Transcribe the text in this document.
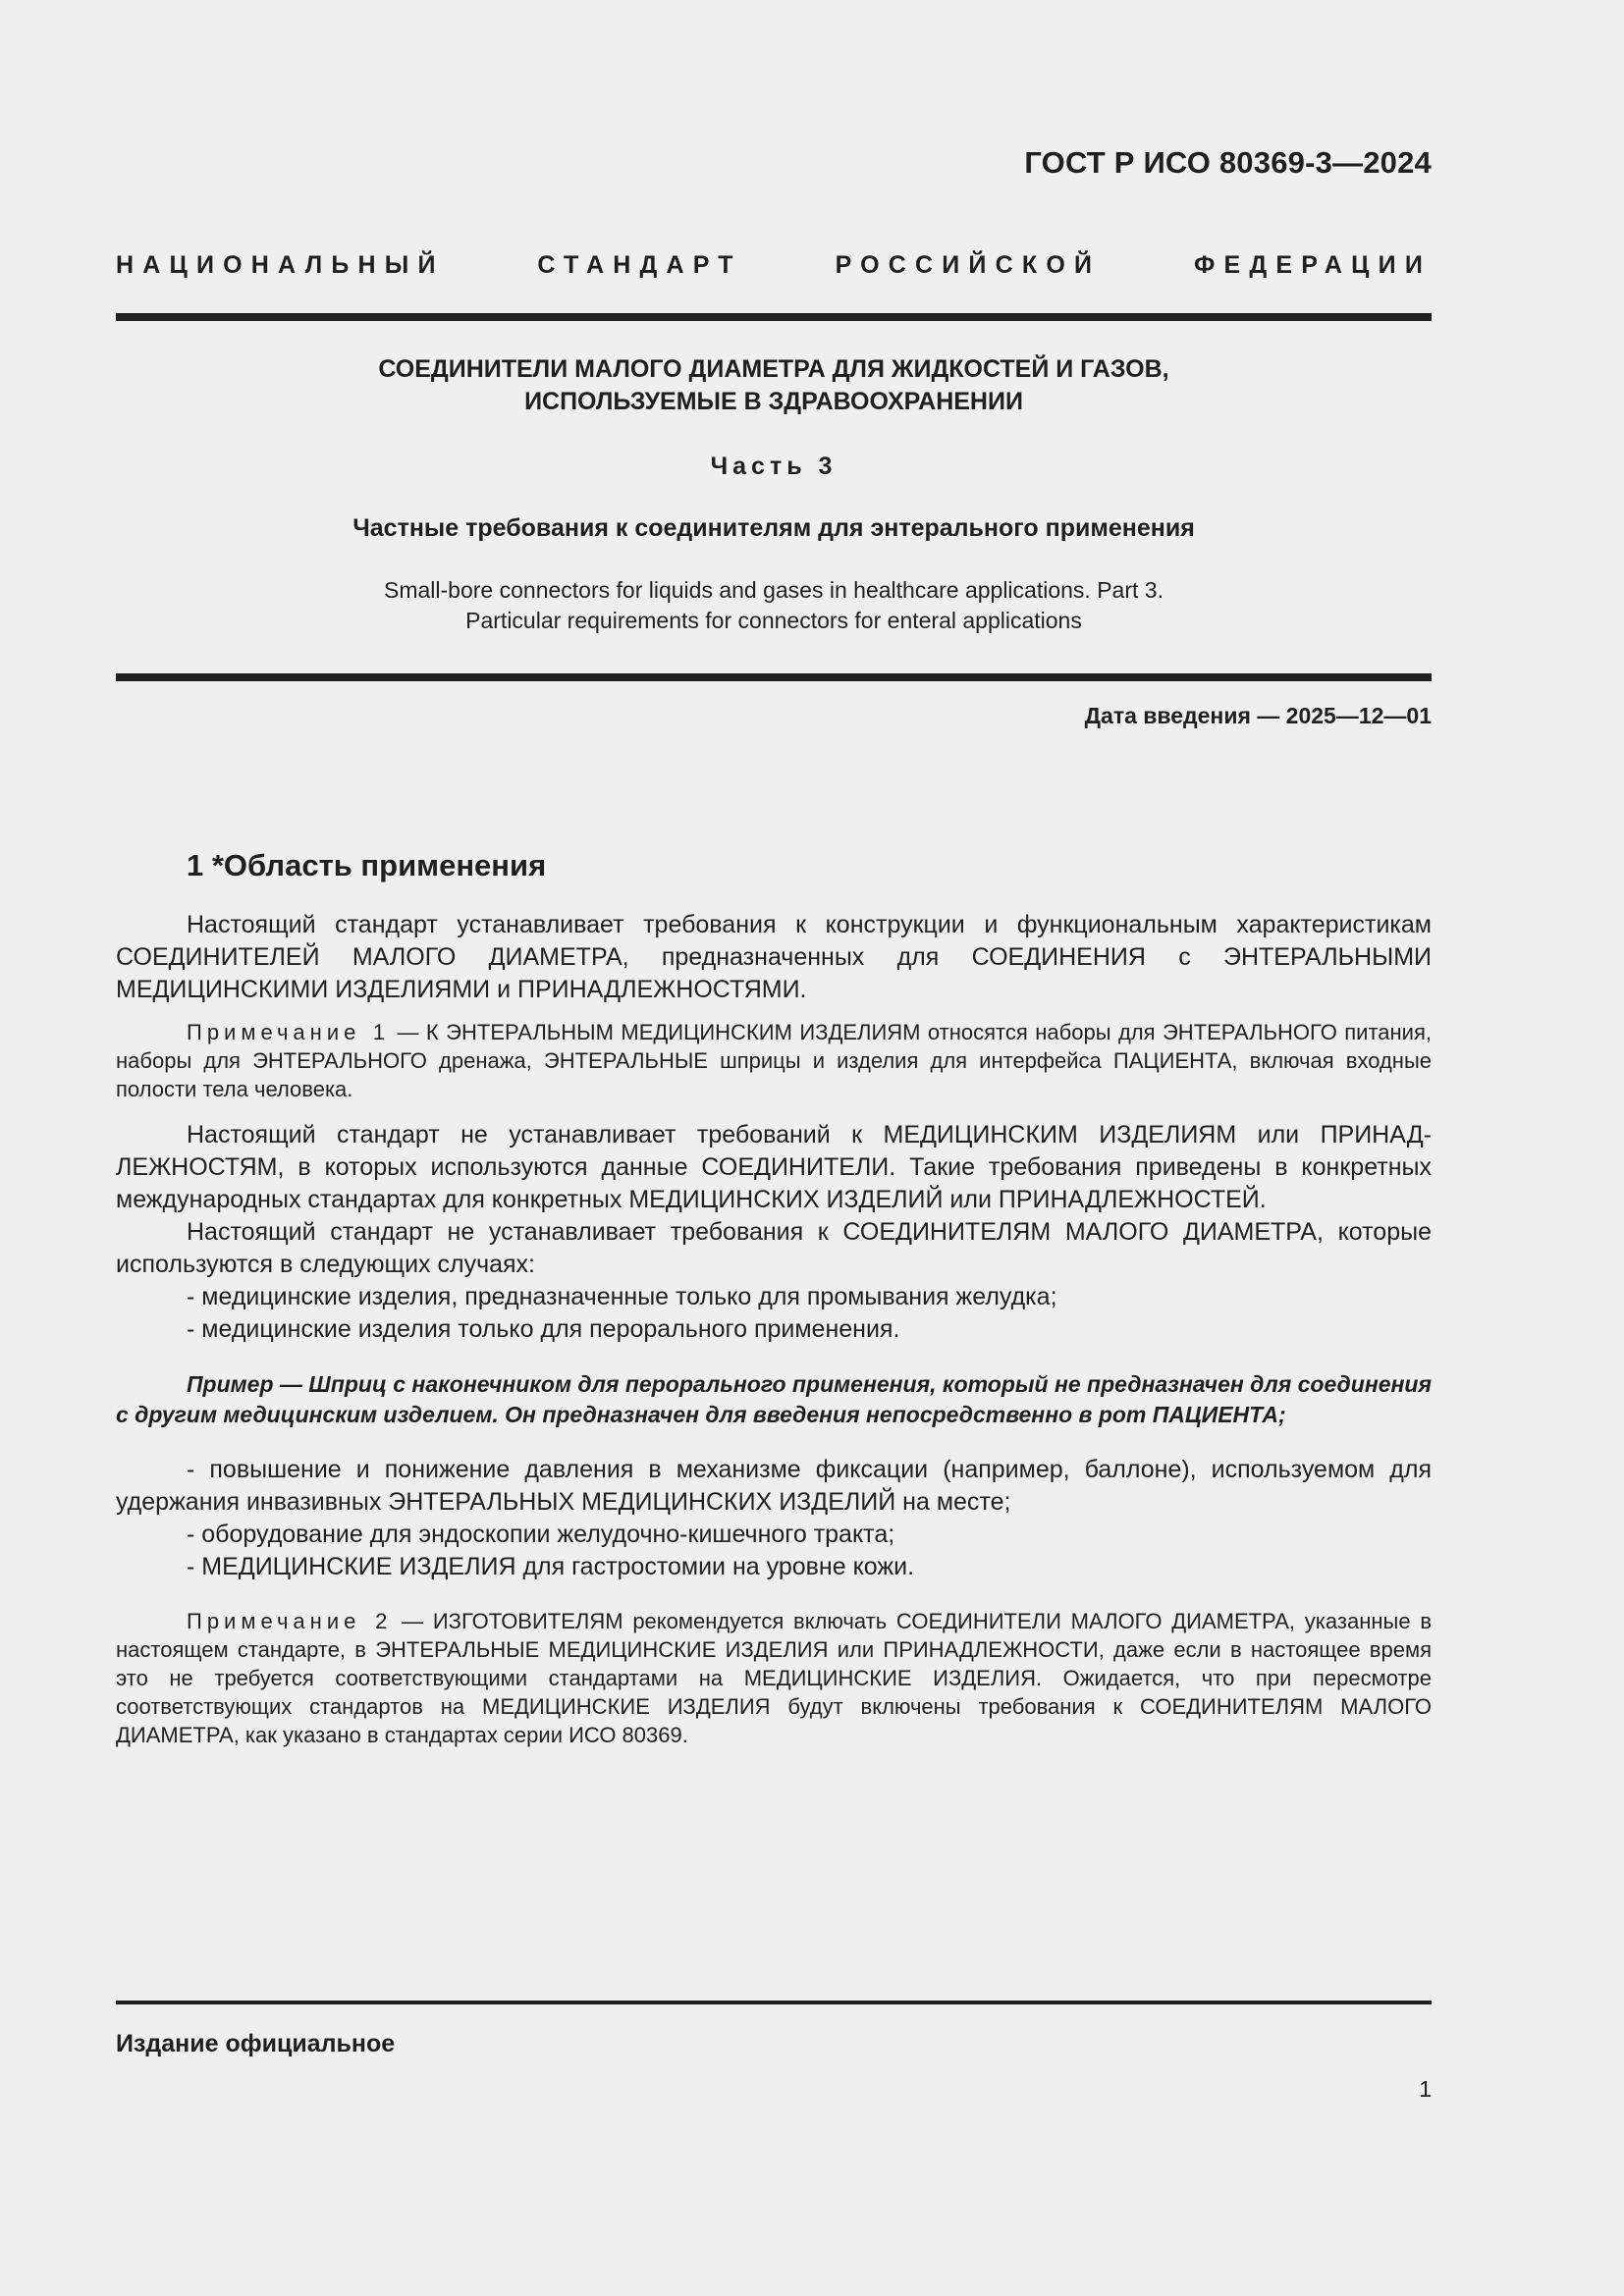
ГОСТ Р ИСО 80369-3—2024
НАЦИОНАЛЬНЫЙ СТАНДАРТ РОССИЙСКОЙ ФЕДЕРАЦИИ
СОЕДИНИТЕЛИ МАЛОГО ДИАМЕТРА ДЛЯ ЖИДКОСТЕЙ И ГАЗОВ,
ИСПОЛЬЗУЕМЫЕ В ЗДРАВООХРАНЕНИИ
Часть 3
Частные требования к соединителям для энтерального применения
Small-bore connectors for liquids and gases in healthcare applications. Part 3.
Particular requirements for connectors for enteral applications
Дата введения — 2025—12—01
1 *Область применения

Настоящий стандарт устанавливает требования к конструкции и функциональным характеристикам СОЕДИНИТЕЛЕЙ МАЛОГО ДИАМЕТРА, предназначенных для СОЕДИНЕНИЯ с ЭНТЕРАЛЬНЫМИ МЕДИЦИНСКИМИ ИЗДЕЛИЯМИ и ПРИНАДЛЕЖНОСТЯМИ.

Примечание 1 — К ЭНТЕРАЛЬНЫМ МЕДИЦИНСКИМ ИЗДЕЛИЯМ относятся наборы для ЭНТЕРАЛЬНОГО питания, наборы для ЭНТЕРАЛЬНОГО дренажа, ЭНТЕРАЛЬНЫЕ шприцы и изделия для интерфейса ПАЦИЕНТА, включая входные полости тела человека.

Настоящий стандарт не устанавливает требований к МЕДИЦИНСКИМ ИЗДЕЛИЯМ или ПРИНАДЛЕЖНОСТЯМ, в которых используются данные СОЕДИНИТЕЛИ. Такие требования приведены в конкретных международных стандартах для конкретных МЕДИЦИНСКИХ ИЗДЕЛИЙ или ПРИНАДЛЕЖНОСТЕЙ.

Настоящий стандарт не устанавливает требования к СОЕДИНИТЕЛЯМ МАЛОГО ДИАМЕТРА, которые используются в следующих случаях:

- медицинские изделия, предназначенные только для промывания желудка;

- медицинские изделия только для перорального применения.

Пример — Шприц с наконечником для перорального применения, который не предназначен для соединения с другим медицинским изделием. Он предназначен для введения непосредственно в рот ПАЦИЕНТА;

- повышение и понижение давления в механизме фиксации (например, баллоне), используемом для удержания инвазивных ЭНТЕРАЛЬНЫХ МЕДИЦИНСКИХ ИЗДЕЛИЙ на месте;

- оборудование для эндоскопии желудочно-кишечного тракта;

- МЕДИЦИНСКИЕ ИЗДЕЛИЯ для гастростомии на уровне кожи.

Примечание 2 — ИЗГОТОВИТЕЛЯМ рекомендуется включать СОЕДИНИТЕЛИ МАЛОГО ДИАМЕТРА, указанные в настоящем стандарте, в ЭНТЕРАЛЬНЫЕ МЕДИЦИНСКИЕ ИЗДЕЛИЯ или ПРИНАДЛЕЖНОСТИ, даже если в настоящее время это не требуется соответствующими стандартами на МЕДИЦИНСКИЕ ИЗДЕЛИЯ. Ожидается, что при пересмотре соответствующих стандартов на МЕДИЦИНСКИЕ ИЗДЕЛИЯ будут включены требования к СОЕДИНИТЕЛЯМ МАЛОГО ДИАМЕТРА, как указано в стандартах серии ИСО 80369.

Издание официальное
1
